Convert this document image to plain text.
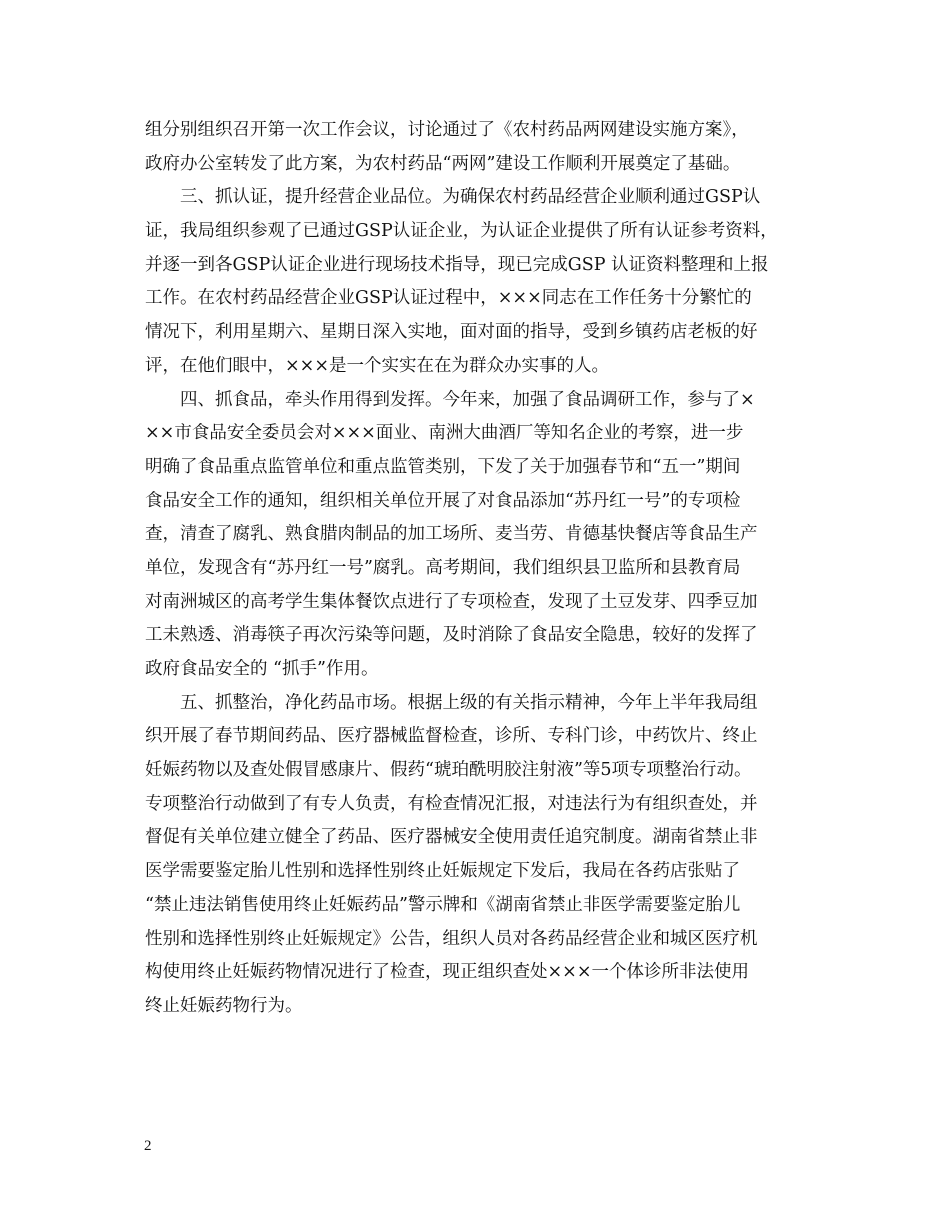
组分别组织召开第一次工作会议，讨论通过了《农村药品两网建设实施方案》，
政府办公室转发了此方案，为农村药品“两网”建设工作顺利开展奠定了基础。
　　三、抓认证，提升经营企业品位。为确保农村药品经营企业顺利通过GSP认
证，我局组织参观了已通过GSP认证企业，为认证企业提供了所有认证参考资料，
并逐一到各GSP认证企业进行现场技术指导，现已完成GSP 认证资料整理和上报
工作。在农村药品经营企业GSP认证过程中，×××同志在工作任务十分繁忙的
情况下，利用星期六、星期日深入实地，面对面的指导，受到乡镇药店老板的好
评，在他们眼中，×××是一个实实在在为群众办实事的人。
　　四、抓食品，牵头作用得到发挥。今年来，加强了食品调研工作，参与了×
××市食品安全委员会对×××面业、南洲大曲酒厂等知名企业的考察，进一步
明确了食品重点监管单位和重点监管类别，下发了关于加强春节和“五一”期间
食品安全工作的通知，组织相关单位开展了对食品添加“苏丹红一号”的专项检
查，清查了腐乳、熟食腊肉制品的加工场所、麦当劳、肯德基快餐店等食品生产
单位，发现含有“苏丹红一号”腐乳。高考期间，我们组织县卫监所和县教育局
对南洲城区的高考学生集体餐饮点进行了专项检查，发现了土豆发芽、四季豆加
工未熟透、消毒筷子再次污染等问题，及时消除了食品安全隐患，较好的发挥了
政府食品安全的 “抓手”作用。
　　五、抓整治，净化药品市场。根据上级的有关指示精神，今年上半年我局组
织开展了春节期间药品、医疗器械监督检查，诊所、专科门诊，中药饮片、终止
妊娠药物以及查处假冒感康片、假药“琥珀酰明胶注射液”等5项专项整治行动。
专项整治行动做到了有专人负责，有检查情况汇报，对违法行为有组织查处，并
督促有关单位建立健全了药品、医疗器械安全使用责任追究制度。湖南省禁止非
医学需要鉴定胎儿性别和选择性别终止妊娠规定下发后，我局在各药店张贴了
“禁止违法销售使用终止妊娠药品”警示牌和《湖南省禁止非医学需要鉴定胎儿
性别和选择性别终止妊娠规定》公告，组织人员对各药品经营企业和城区医疗机
构使用终止妊娠药物情况进行了检查，现正组织查处×××一个体诊所非法使用
终止妊娠药物行为。
2
